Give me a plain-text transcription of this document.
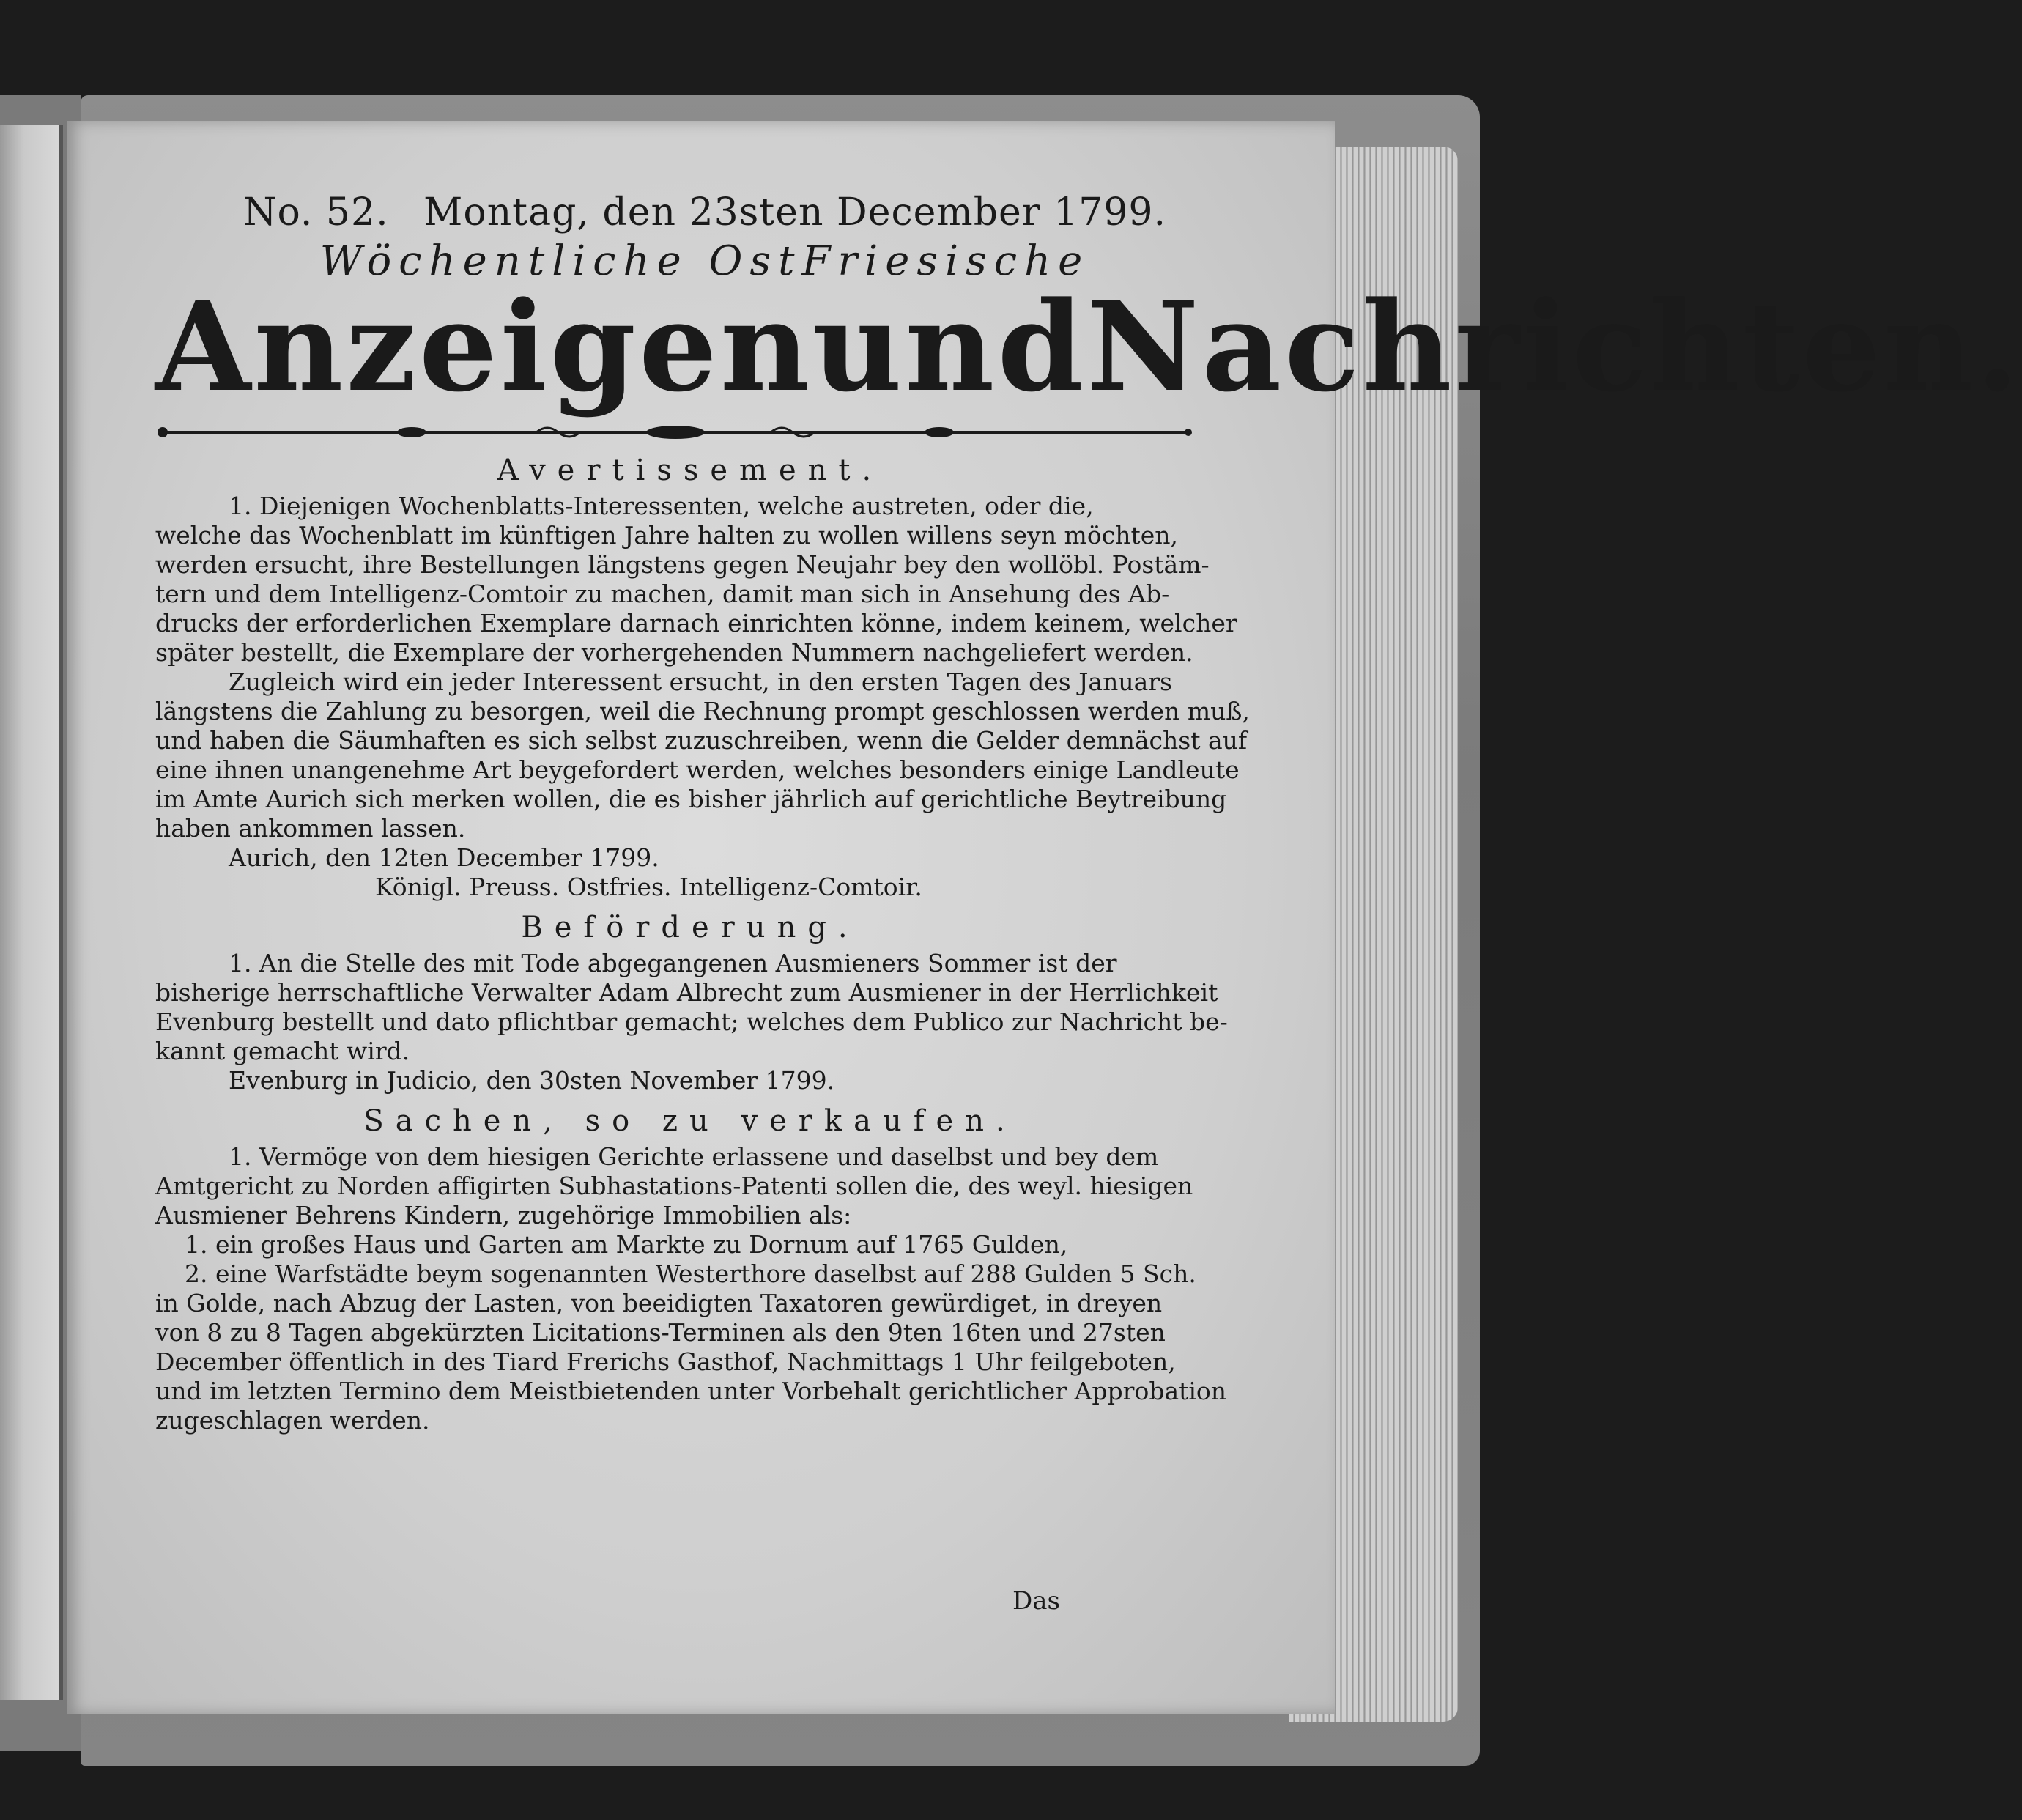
No. 52. Montag, den 23sten December 1799.
Wöchentliche OstFriesische
Anzeigen und Nachrichten.
Avertissement.
1. Diejenigen Wochenblatts-Interessenten, welche austreten, oder die,
welche das Wochenblatt im künftigen Jahre halten zu wollen willens seyn möchten,
werden ersucht, ihre Bestellungen längstens gegen Neujahr bey den wollöbl. Postäm-
tern und dem Intelligenz-Comtoir zu machen, damit man sich in Ansehung des Ab-
drucks der erforderlichen Exemplare darnach einrichten könne, indem keinem, welcher
später bestellt, die Exemplare der vorhergehenden Nummern nachgeliefert werden.
Zugleich wird ein jeder Interessent ersucht, in den ersten Tagen des Januars
längstens die Zahlung zu besorgen, weil die Rechnung prompt geschlossen werden muß,
und haben die Säumhaften es sich selbst zuzuschreiben, wenn die Gelder demnächst auf
eine ihnen unangenehme Art beygefordert werden, welches besonders einige Landleute
im Amte Aurich sich merken wollen, die es bisher jährlich auf gerichtliche Beytreibung
haben ankommen lassen.
Aurich, den 12ten December 1799.
Königl. Preuss. Ostfries. Intelligenz-Comtoir.
Beförderung.
1. An die Stelle des mit Tode abgegangenen Ausmieners Sommer ist der
bisherige herrschaftliche Verwalter Adam Albrecht zum Ausmiener in der Herrlichkeit
Evenburg bestellt und dato pflichtbar gemacht; welches dem Publico zur Nachricht be-
kannt gemacht wird.
Evenburg in Judicio, den 30sten November 1799.
Sachen, so zu verkaufen.
1. Vermöge von dem hiesigen Gerichte erlassene und daselbst und bey dem
Amtgericht zu Norden affigirten Subhastations-Patenti sollen die, des weyl. hiesigen
Ausmiener Behrens Kindern, zugehörige Immobilien als:
1. ein großes Haus und Garten am Markte zu Dornum auf 1765 Gulden,
2. eine Warfstädte beym sogenannten Westerthore daselbst auf 288 Gulden 5 Sch.
in Golde, nach Abzug der Lasten, von beeidigten Taxatoren gewürdiget, in dreyen
von 8 zu 8 Tagen abgekürzten Licitations-Terminen als den 9ten 16ten und 27sten
December öffentlich in des Tiard Frerichs Gasthof, Nachmittags 1 Uhr feilgeboten,
und im letzten Termino dem Meistbietenden unter Vorbehalt gerichtlicher Approbation
zugeschlagen werden.
Das
